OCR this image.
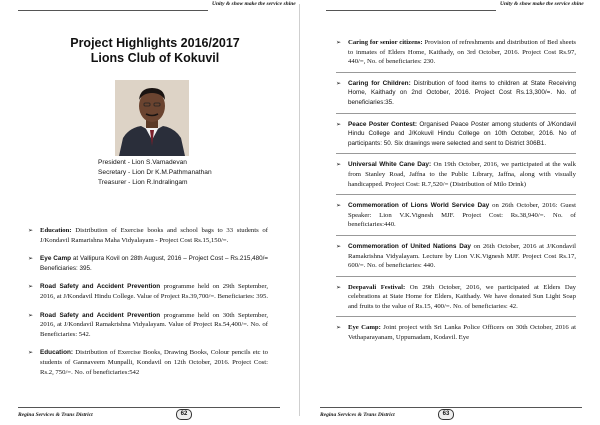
Unity & show make the service shine
Project Highlights 2016/2017
Lions Club of Kokuvil
President - Lion S.Vamadevan
Secretary - Lion Dr K.M.Pathmanathan
Treasurer - Lion R.Indralingam
➢ Education: Distribution of Exercise books and school bags to 33 students of J/Kondavil Ramarishna Maha Vidyalayam - Project Cost Rs.15,150/=.
➢ Eye Camp at Vallipura Kovil on 28th August, 2016 – Project Cost – Rs.215,480/= Beneficiaries: 395.
➢ Road Safety and Accident Prevention programme held on 29th September, 2016, at J/Kondavil Hindu College. Value of Project Rs.39,700/=. Beneficiaries: 395.
➢ Road Safety and Accident Prevention programme held on 30th September, 2016, at J/Kondavil Ramakrishna Vidyalayam. Value of Project Rs.54,400/=. No. of Beneficiaries: 542.
➢ Education: Distribution of Exercise Books, Drawing Books, Colour pencils etc to students of Gannaveem Munpalli, Kondavil on 12th October, 2016. Project Cost: Rs.2, 750/=. No. of beneficiaries:542
Regina Services & Trans District	62
Unity & show make the service shine
Regina Services & Trans District	63
➢ Caring for senior citizens: Provision of refreshments and distribution of Bed sheets to inmates of Elders Home, Kaithady, on 3rd October, 2016. Project Cost Rs.97, 440/=, No. of beneficiaries: 230.
➢ Caring for Children: Distribution of food items to children at State Receiving Home, Kaithady on 2nd October, 2016. Project Cost Rs.13,300/=. No. of beneficiaries:35.
➢ Peace Poster Contest: Organised Peace Poster among students of J/Kondavil Hindu College and J/Kokuvil Hindu College on 10th October, 2016. No of participants: 50. Six drawings were selected and sent to District 306B1.
➢ Universal White Cane Day: On 19th October, 2016, we participated at the walk from Stanley Road, Jaffna to the Public Library, Jaffna, along with visually handicapped. Project Cost: R.7,520/= (Distribution of Milo Drink)
➢ Commemoration of Lions World Service Day on 26th October, 2016: Guest Speaker: Lion V.K.Vignesh MJF. Project Cost: Rs.38,940/=. No. of beneficiaries:440.
➢ Commemoration of United Nations Day on 26th October, 2016 at J/Kondavil Ramakrishna Vidyalayam. Lecture by Lion V.K.Vignesh MJF. Project Cost Rs.17, 600/=. No. of beneficiaries: 440.
➢ Deepavali Festival: On 29th October, 2016, we participated at Elders Day celebrations at State Home for Elders, Kaithady. We have donated Sun Light Soap and fruits to the value of Rs.15, 400/=. No. of beneficiaries: 42.
➢ Eye Camp: Joint project with Sri Lanka Police Officers on 30th October, 2016 at Vethaparayanam, Uppumadam, Kodavil. Eye
